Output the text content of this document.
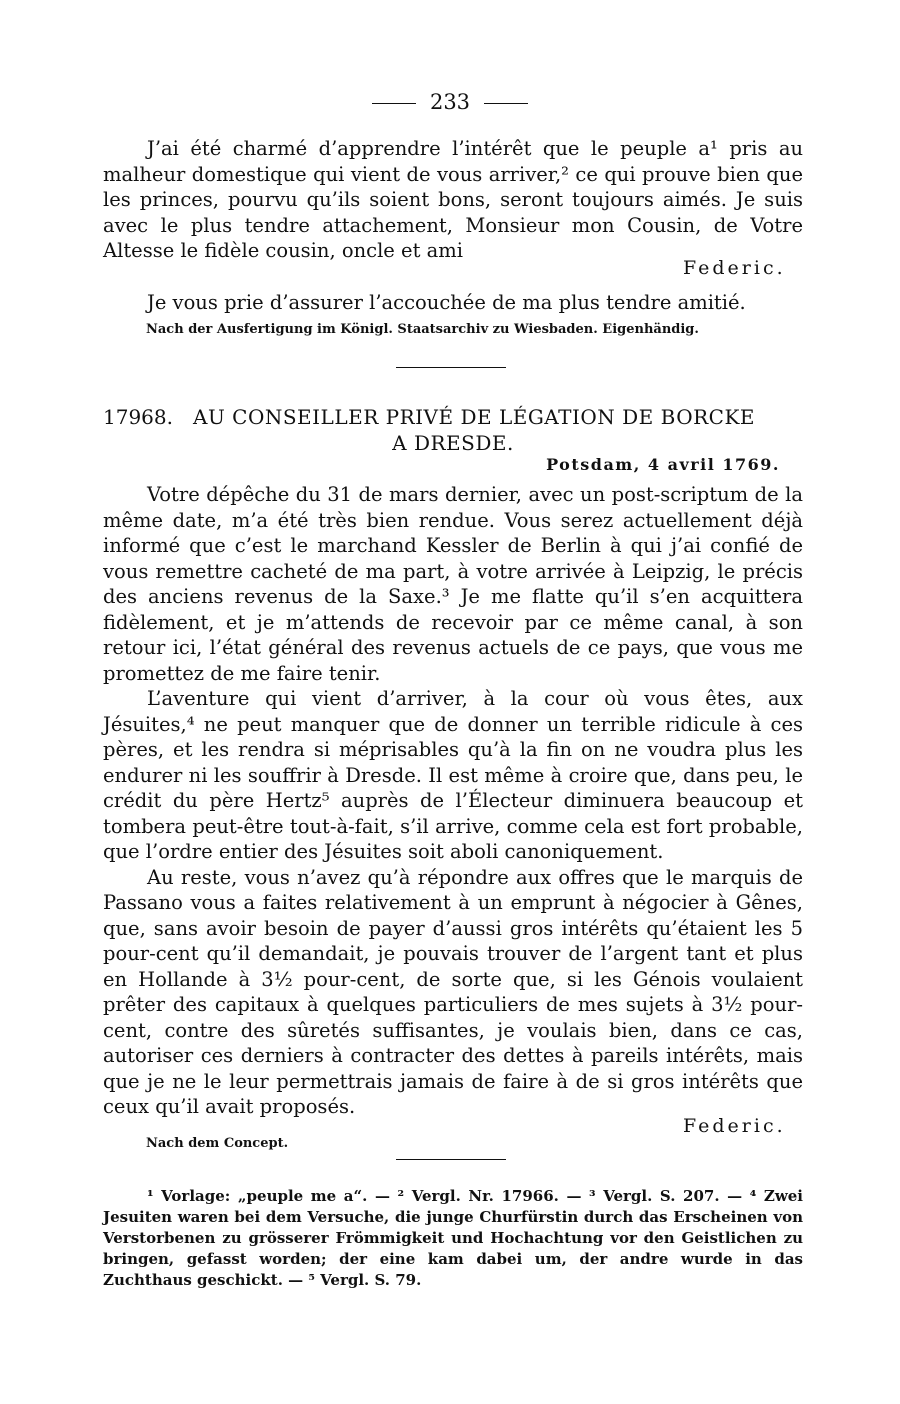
233

J’ai été charmé d’apprendre l’intérêt que le peuple a¹ pris au malheur domestique qui vient de vous arriver,² ce qui prouve bien que les princes, pourvu qu’ils soient bons, seront toujours aimés. Je suis avec le plus tendre attachement, Monsieur mon Cousin, de Votre Altesse le fidèle cousin, oncle et ami

Federic.

Je vous prie d’assurer l’accouchée de ma plus tendre amitié.

Nach der Ausfertigung im Königl. Staatsarchiv zu Wiesbaden. Eigenhändig.
17968. AU CONSEILLER PRIVÉ DE LÉGATION DE BORCKE
A DRESDE.
Potsdam, 4 avril 1769.

Votre dépêche du 31 de mars dernier, avec un post-scriptum de la même date, m’a été très bien rendue. Vous serez actuellement déjà informé que c’est le marchand Kessler de Berlin à qui j’ai confié de vous remettre cacheté de ma part, à votre arrivée à Leipzig, le précis des anciens revenus de la Saxe.³ Je me flatte qu’il s’en acquittera fidèlement, et je m’attends de recevoir par ce même canal, à son retour ici, l’état général des revenus actuels de ce pays, que vous me promettez de me faire tenir.

L’aventure qui vient d’arriver, à la cour où vous êtes, aux Jésuites,⁴ ne peut manquer que de donner un terrible ridicule à ces pères, et les rendra si méprisables qu’à la fin on ne voudra plus les endurer ni les souffrir à Dresde. Il est même à croire que, dans peu, le crédit du père Hertz⁵ auprès de l’Électeur diminuera beaucoup et tombera peut-être tout-à-fait, s’il arrive, comme cela est fort probable, que l’ordre entier des Jésuites soit aboli canoniquement.

Au reste, vous n’avez qu’à répondre aux offres que le marquis de Passano vous a faites relativement à un emprunt à négocier à Gênes, que, sans avoir besoin de payer d’aussi gros intérêts qu’étaient les 5 pour-cent qu’il demandait, je pouvais trouver de l’argent tant et plus en Hollande à 3½ pour-cent, de sorte que, si les Génois voulaient prêter des capitaux à quelques particuliers de mes sujets à 3½ pour-cent, contre des sûretés suffisantes, je voulais bien, dans ce cas, autoriser ces derniers à contracter des dettes à pareils intérêts, mais que je ne le leur permettrais jamais de faire à de si gros intérêts que ceux qu’il avait proposés.

Federic.
Nach dem Concept.
¹ Vorlage: „peuple me a“. — ² Vergl. Nr. 17966. — ³ Vergl. S. 207. — ⁴ Zwei Jesuiten waren bei dem Versuche, die junge Churfürstin durch das Erscheinen von Verstorbenen zu grösserer Frömmigkeit und Hochachtung vor den Geistlichen zu bringen, gefasst worden; der eine kam dabei um, der andre wurde in das Zuchthaus geschickt. — ⁵ Vergl. S. 79.
